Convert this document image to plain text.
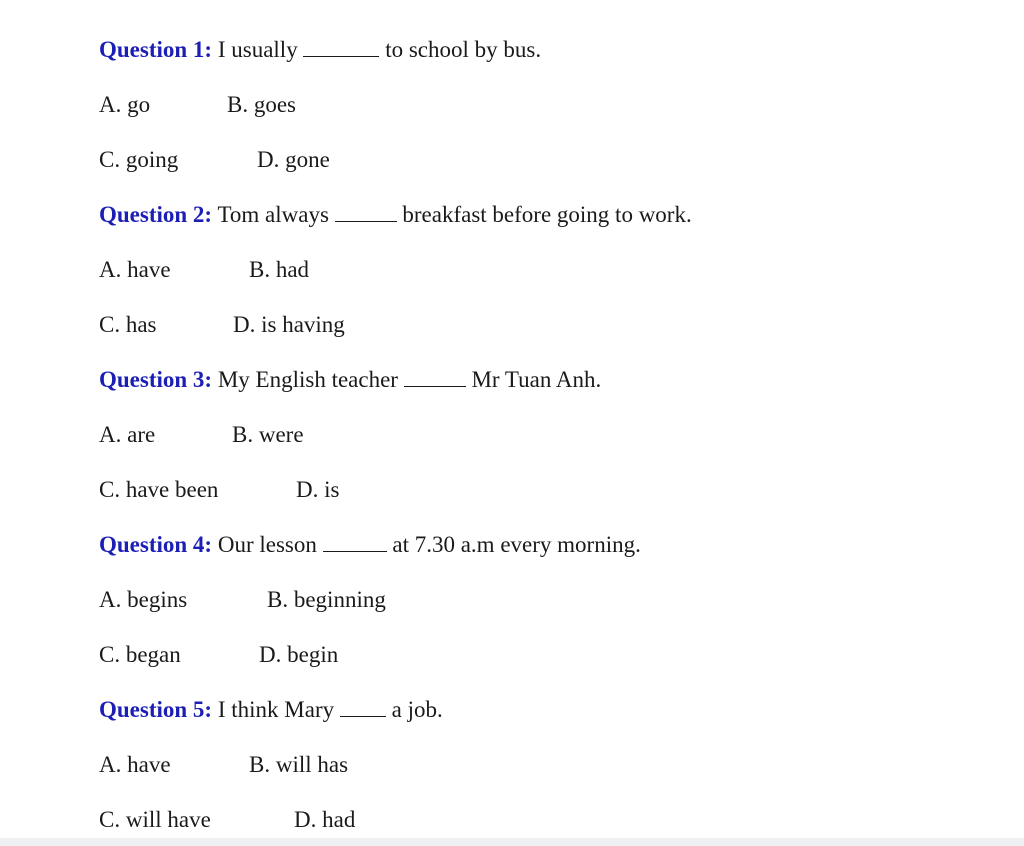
Question 1: I usually	to school by bus.
A. go	B. goes
C. going	D. gone
Question 2: Tom always	breakfast before going to work.
A. have	B. had
C. has	D. is having
Question 3: My English teacher	Mr Tuan Anh.
A. are	B. were
C. have been	D. is
Question 4: Our lesson	at 7.30 a.m every morning.
A. begins	B. beginning
C. began	D. begin
Question 5: I think Mary	a job.
A. have	B. will has
C. will have	D. had
